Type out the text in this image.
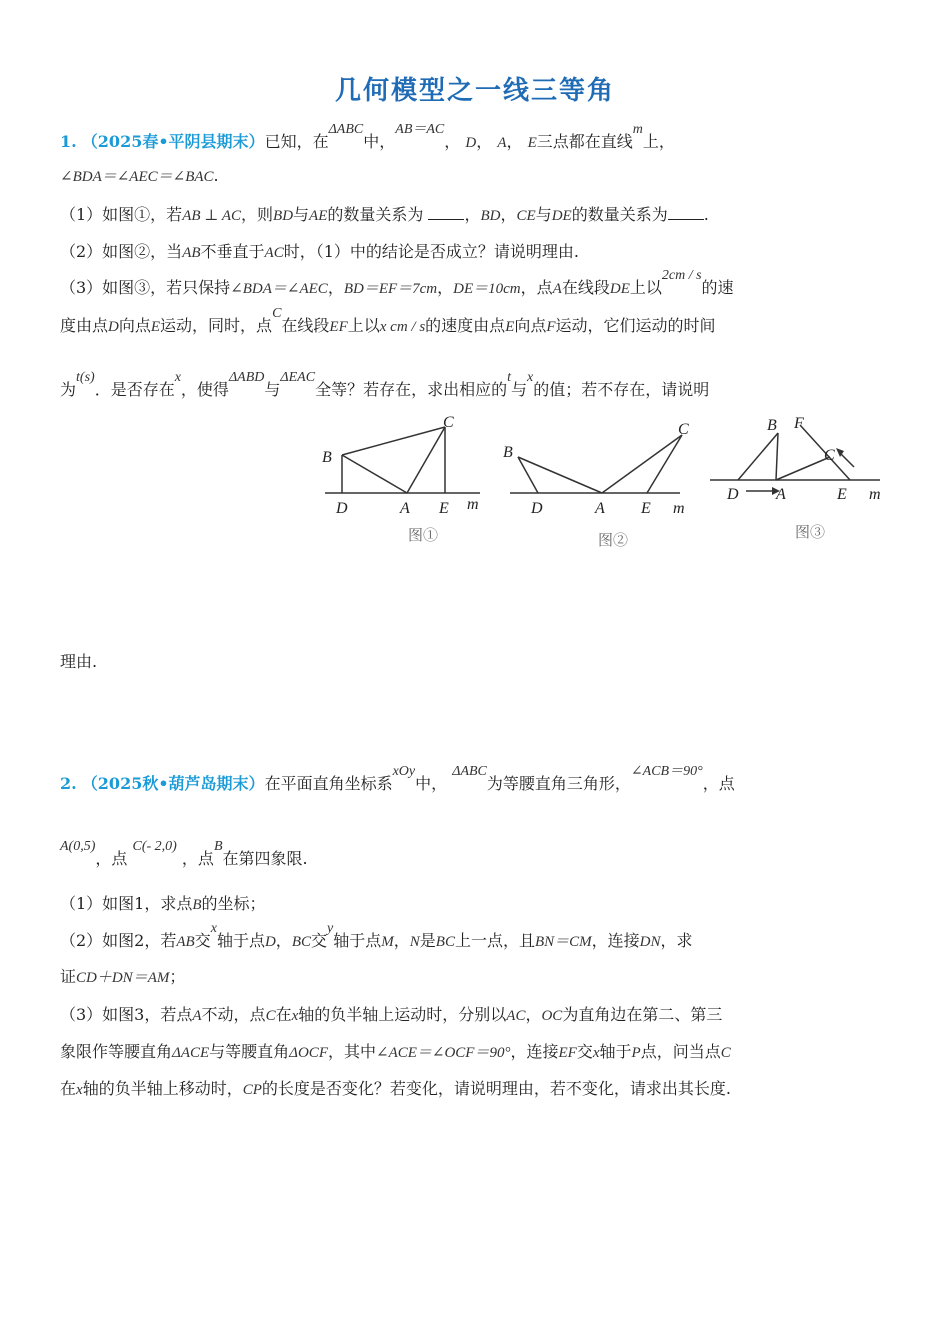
几何模型之一线三等角
1. （2025春•平阴县期末）已知，在ΔABC中，AB＝AC， D， A， E三点都在直线m上，
∠BDA＝∠AEC＝∠BAC.
（1）如图①，若AB ⊥ AC，则BD与AE的数量关系为	，BD，CE与DE的数量关系为 .
（2）如图②，当AB不垂直于AC时，（1）中的结论是否成立？请说明理由.
（3）如图③，若只保持∠BDA＝∠AEC，BD＝EF＝7cm，DE＝10cm，点A在线段DE上以2cm / s的速
度由点D向点E运动，同时，点C在线段EF上以x cm / s的速度由点E向点F运动，它们运动的时间
为t(s)．是否存在x，使得ΔABD与ΔEAC全等？若存在，求出相应的t与x的值；若不存在，请说明
B
C
D	A E m
图①
B
C
D	A E m
图②
B F
C
D A	E m
图③
理由.
2. （2025秋•葫芦岛期末）在平面直角坐标系xOy中， ΔABC为等腰直角三角形，∠ACB＝90°，点
A(0,5)，点 C(- 2,0) ，点B在第四象限.
（1）如图1，求点B的坐标；
（2）如图2，若AB交x轴于点D，BC交y轴于点M，N是BC上一点，且BN＝CM，连接DN，求
证CD＋DN＝AM；
（3）如图3，若点A不动，点C在x轴的负半轴上运动时，分别以AC，OC为直角边在第二、第三
象限作等腰直角ΔACE与等腰直角ΔOCF，其中∠ACE＝∠OCF＝90°，连接EF交x轴于P点，问当点C
在x轴的负半轴上移动时，CP的长度是否变化？若变化，请说明理由，若不变化，请求出其长度.
